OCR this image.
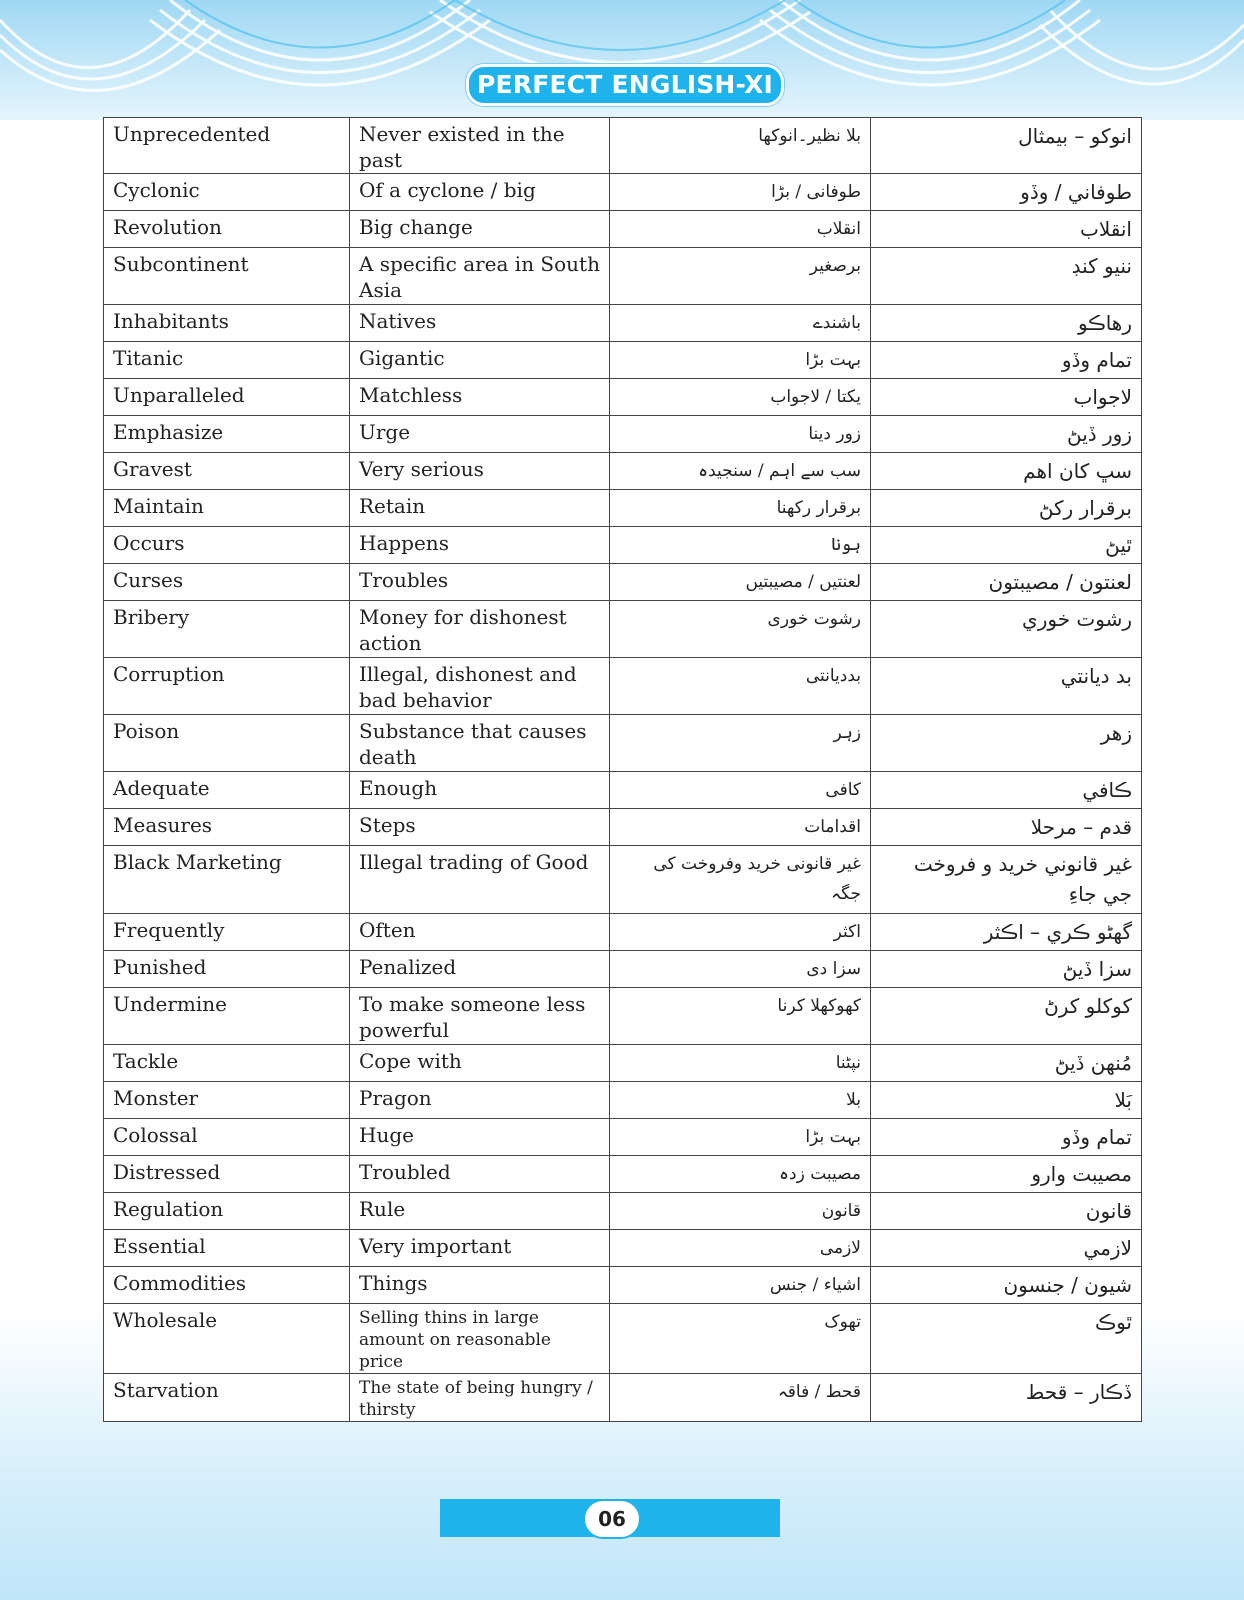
PERFECT ENGLISH-XI
Unprecedented	Never existed in the past	بلا نظیر۔انوکھا	انوکو – بيمثال
Cyclonic	Of a cyclone / big	طوفانی / بڑا	طوفاني / وڏو
Revolution	Big change	انقلاب	انقلاب
Subcontinent	A specific area in South Asia	برصغیر	ننيو کنڊ
Inhabitants	Natives	باشندے	رهاڪو
Titanic	Gigantic	بہت بڑا	تمام وڏو
Unparalleled	Matchless	یکتا / لاجواب	لاجواب
Emphasize	Urge	زور دینا	زور ڏيڻ
Gravest	Very serious	سب سے اہم / سنجیدہ	سڀ کان اهم
Maintain	Retain	برقرار رکھنا	برقرار رکڻ
Occurs	Happens	ہونا	ٿيڻ
Curses	Troubles	لعنتیں / مصیبتیں	لعنتون / مصيبتون
Bribery	Money for dishonest action	رشوت خوری	رشوت خوري
Corruption	Illegal, dishonest and bad behavior	بددیانتی	بد دیانتي
Poison	Substance that causes death	زہر	زهر
Adequate	Enough	کافی	ڪافي
Measures	Steps	اقدامات	قدم – مرحلا
Black Marketing	Illegal trading of Good	غیر قانونی خرید وفروخت کی جگہ	غير قانوني خريد و فروخت جي جاءِ
Frequently	Often	اکثر	گهڻو ڪري – اڪثر
Punished	Penalized	سزا دی	سزا ڏيڻ
Undermine	To make someone less powerful	کھوکھلا کرنا	کوکلو کرڻ
Tackle	Cope with	نپٹنا	مُنهن ڏيڻ
Monster	Pragon	بلا	بَلا
Colossal	Huge	بہت بڑا	تمام وڏو
Distressed	Troubled	مصیبت زدہ	مصيبت وارو
Regulation	Rule	قانون	قانون
Essential	Very important	لازمی	لازمي
Commodities	Things	اشیاء / جنس	شيون / جنسون
Wholesale	Selling thins in large amount on reasonable price	تھوک	ٿوڪ
Starvation	The state of being hungry / thirsty	قحط / فاقہ	ڏڪار – قحط
06
